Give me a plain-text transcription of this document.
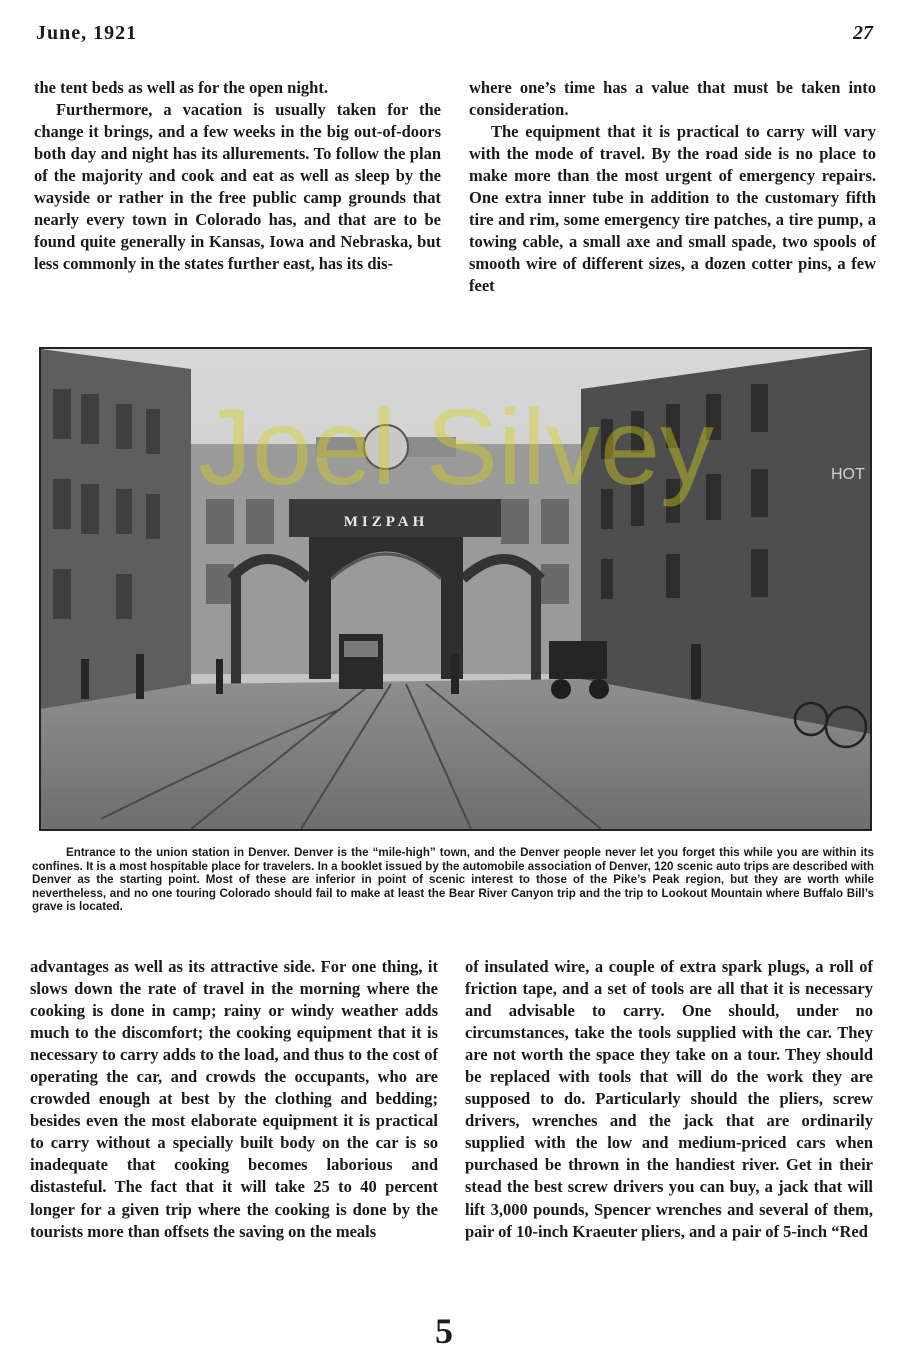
June, 1921	27

the tent beds as well as for the open night.

Furthermore, a vacation is usually taken for the change it brings, and a few weeks in the big out-of-doors both day and night has its allurements. To follow the plan of the majority and cook and eat as well as sleep by the wayside or rather in the free public camp grounds that nearly every town in Colorado has, and that are to be found quite generally in Kansas, Iowa and Nebraska, but less commonly in the states further east, has its dis-

where one’s time has a value that must be taken into consideration.

The equipment that it is practical to carry will vary with the mode of travel. By the road side is no place to make more than the most urgent of emergency repairs. One extra inner tube in addition to the customary fifth tire and rim, some emergency tire patches, a tire pump, a towing cable, a small axe and small spade, two spools of smooth wire of different sizes, a dozen cotter pins, a few feet

MIZPAH
HOT
Joel Silvey

Entrance to the union station in Denver. Denver is the “mile-high” town, and the Denver people never let you forget this while you are within its confines. It is a most hospitable place for travelers. In a booklet issued by the automobile association of Denver, 120 scenic auto trips are described with Denver as the starting point. Most of these are inferior in point of scenic interest to those of the Pike’s Peak region, but they are worth while nevertheless, and no one touring Colorado should fail to make at least the Bear River Canyon trip and the trip to Lookout Mountain where Buffalo Bill’s grave is located.

advantages as well as its attractive side. For one thing, it slows down the rate of travel in the morning where the cooking is done in camp; rainy or windy weather adds much to the discomfort; the cooking equipment that it is necessary to carry adds to the load, and thus to the cost of operating the car, and crowds the occupants, who are crowded enough at best by the clothing and bedding; besides even the most elaborate equipment it is practical to carry without a specially built body on the car is so inadequate that cooking becomes laborious and distasteful. The fact that it will take 25 to 40 percent longer for a given trip where the cooking is done by the tourists more than offsets the saving on the meals

of insulated wire, a couple of extra spark plugs, a roll of friction tape, and a set of tools are all that it is necessary and advisable to carry. One should, under no circumstances, take the tools supplied with the car. They are not worth the space they take on a tour. They should be replaced with tools that will do the work they are supposed to do. Particularly should the pliers, screw drivers, wrenches and the jack that are ordinarily supplied with the low and medium-priced cars when purchased be thrown in the handiest river. Get in their stead the best screw drivers you can buy, a jack that will lift 3,000 pounds, Spencer wrenches and several of them, pair of 10-inch Kraeuter pliers, and a pair of 5-inch “Red

5
